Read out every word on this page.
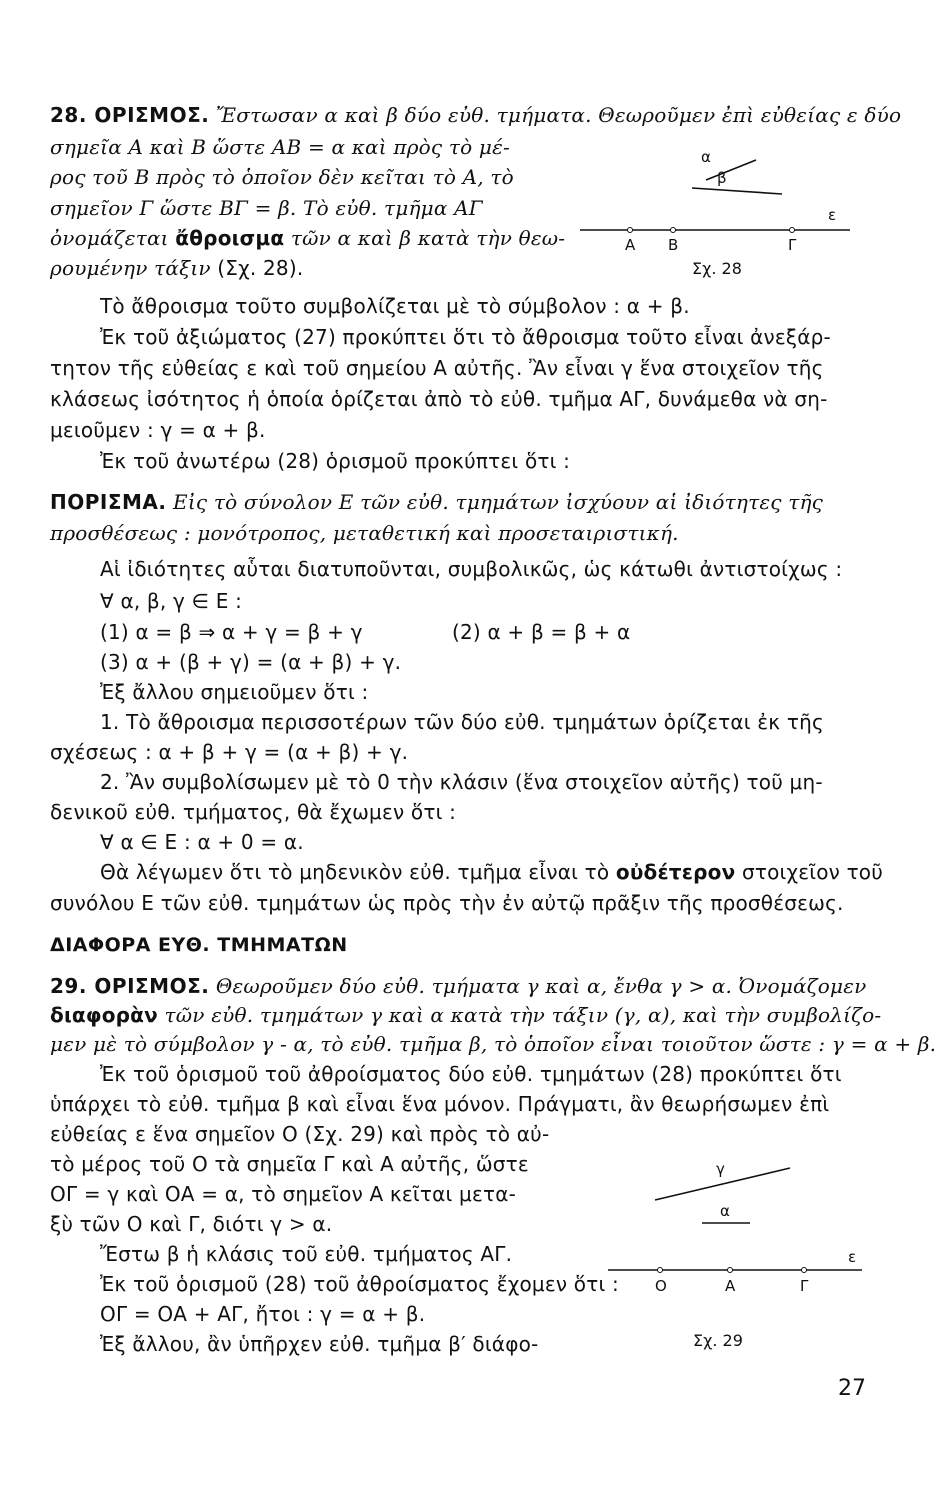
28. ΟΡΙΣΜΟΣ. Ἔστωσαν α καὶ β δύο εὐθ. τμήματα. Θεωροῦμεν ἐπὶ εὐθείας ε δύο
σημεῖα Α καὶ Β ὥστε ΑΒ = α καὶ πρὸς τὸ μέ-
ρος τοῦ Β πρὸς τὸ ὁποῖον δὲν κεῖται τὸ Α, τὸ
σημεῖον Γ ὥστε ΒΓ = β. Τὸ εὐθ. τμῆμα ΑΓ
ὀνομάζεται ἄθροισμα τῶν α καὶ β κατὰ τὴν θεω-
ρουμένην τάξιν (Σχ. 28).
α
β
ε
Α Β	Γ
Σχ. 28
Τὸ ἄθροισμα τοῦτο συμβολίζεται μὲ τὸ σύμβολον : α + β.
Ἐκ τοῦ ἀξιώματος (27) προκύπτει ὅτι τὸ ἄθροισμα τοῦτο εἶναι ἀνεξάρ-
τητον τῆς εὐθείας ε καὶ τοῦ σημείου Α αὐτῆς. Ἂν εἶναι γ ἕνα στοιχεῖον τῆς
κλάσεως ἰσότητος ἡ ὁποία ὁρίζεται ἀπὸ τὸ εὐθ. τμῆμα ΑΓ, δυνάμεθα νὰ ση-
μειοῦμεν : γ = α + β.
Ἐκ τοῦ ἀνωτέρω (28) ὁρισμοῦ προκύπτει ὅτι :
ΠΟΡΙΣΜΑ. Εἰς τὸ σύνολον Ε τῶν εὐθ. τμημάτων ἰσχύουν αἱ ἰδιότητες τῆς
προσθέσεως : μονότροπος, μεταθετική καὶ προσεταιριστική.
Αἱ ἰδιότητες αὗται διατυποῦνται, συμβολικῶς, ὡς κάτωθι ἀντιστοίχως :
∀ α, β, γ ∈ Ε :
(1) α = β ⇒ α + γ = β + γ	(2) α + β = β + α
(3) α + (β + γ) = (α + β) + γ.
Ἐξ ἄλλου σημειοῦμεν ὅτι :
1. Τὸ ἄθροισμα περισσοτέρων τῶν δύο εὐθ. τμημάτων ὁρίζεται ἐκ τῆς
σχέσεως : α + β + γ = (α + β) + γ.
2. Ἂν συμβολίσωμεν μὲ τὸ 0 τὴν κλάσιν (ἕνα στοιχεῖον αὐτῆς) τοῦ μη-
δενικοῦ εὐθ. τμήματος, θὰ ἔχωμεν ὅτι :
∀ α ∈ Ε : α + 0 = α.
Θὰ λέγωμεν ὅτι τὸ μηδενικὸν εὐθ. τμῆμα εἶναι τὸ οὐδέτερον στοιχεῖον τοῦ
συνόλου Ε τῶν εὐθ. τμημάτων ὡς πρὸς τὴν ἐν αὐτῷ πρᾶξιν τῆς προσθέσεως.
ΔΙΑΦΟΡΑ ΕΥΘ. ΤΜΗΜΑΤΩΝ
29. ΟΡΙΣΜΟΣ. Θεωροῦμεν δύο εὐθ. τμήματα γ καὶ α, ἔνθα γ > α. Ὀνομάζομεν
διαφορὰν τῶν εὐθ. τμημάτων γ καὶ α κατὰ τὴν τάξιν (γ, α), καὶ τὴν συμβολίζο-
μεν μὲ τὸ σύμβολον γ - α, τὸ εὐθ. τμῆμα β, τὸ ὁποῖον εἶναι τοιοῦτον ὥστε : γ = α + β.
Ἐκ τοῦ ὁρισμοῦ τοῦ ἀθροίσματος δύο εὐθ. τμημάτων (28) προκύπτει ὅτι
ὑπάρχει τὸ εὐθ. τμῆμα β καὶ εἶναι ἕνα μόνον. Πράγματι, ἂν θεωρήσωμεν ἐπὶ
εὐθείας ε ἕνα σημεῖον Ο (Σχ. 29) καὶ πρὸς τὸ αὐ-
τὸ μέρος τοῦ Ο τὰ σημεῖα Γ καὶ Α αὐτῆς, ὥστε
ΟΓ = γ καὶ ΟΑ = α, τὸ σημεῖον Α κεῖται μετα-
ξὺ τῶν Ο καὶ Γ, διότι γ > α.
Ἔστω β ἡ κλάσις τοῦ εὐθ. τμήματος ΑΓ.
Ἐκ τοῦ ὁρισμοῦ (28) τοῦ ἀθροίσματος ἔχομεν ὅτι :
ΟΓ = ΟΑ + ΑΓ, ἤτοι : γ = α + β.
Ἐξ ἄλλου, ἂν ὑπῆρχεν εὐθ. τμῆμα β′ διάφο-
γ
α
ε
Ο	Α	Γ
Σχ. 29
27
